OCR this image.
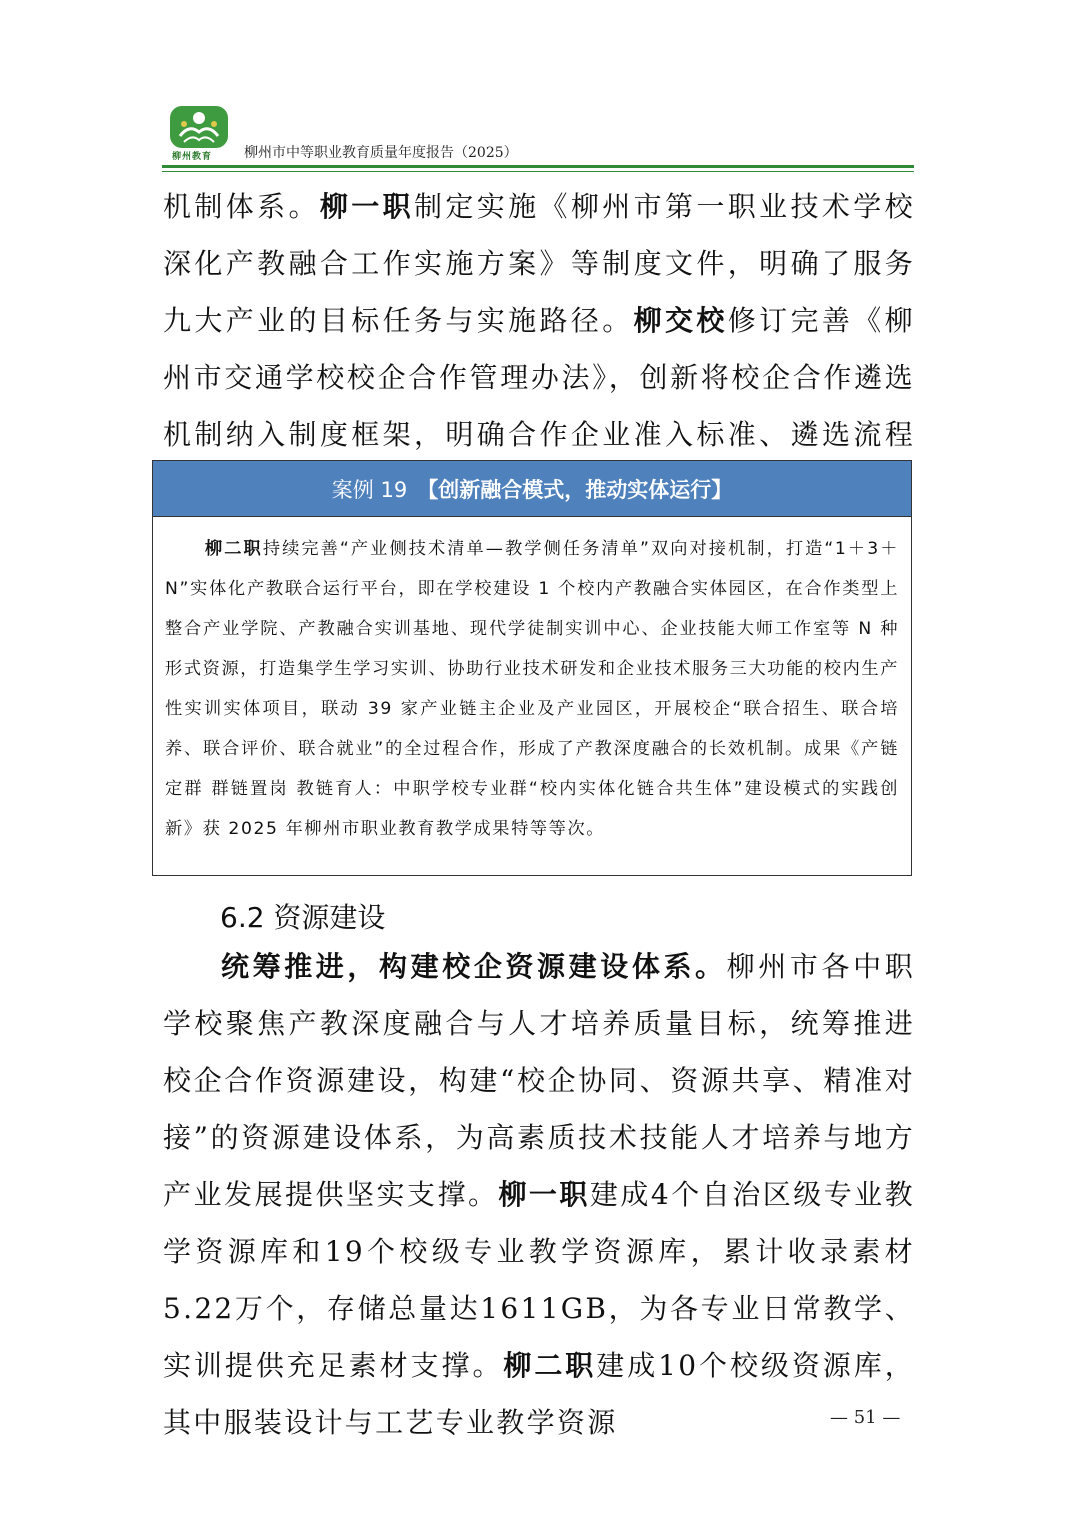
柳州教育 柳州市中等职业教育质量年度报告（2025）

机制体系。柳一职制定实施《柳州市第一职业技术学校深化产教融合工作实施方案》等制度文件，明确了服务九大产业的目标任务与实施路径。柳交校修订完善《柳州市交通学校校企合作管理办法》，创新将校企合作遴选机制纳入制度框架，明确合作企业准入标准、遴选流程

案例 19 【创新融合模式，推动实体运行】

柳二职持续完善“产业侧技术清单—教学侧任务清单”双向对接机制，打造“1＋3＋N”实体化产教联合运行平台，即在学校建设 1 个校内产教融合实体园区，在合作类型上整合产业学院、产教融合实训基地、现代学徒制实训中心、企业技能大师工作室等 N 种形式资源，打造集学生学习实训、协助行业技术研发和企业技术服务三大功能的校内生产性实训实体项目，联动 39 家产业链主企业及产业园区，开展校企“联合招生、联合培养、联合评价、联合就业”的全过程合作，形成了产教深度融合的长效机制。成果《产链定群 群链置岗 教链育人：中职学校专业群“校内实体化链合共生体”建设模式的实践创新》获 2025 年柳州市职业教育教学成果特等等次。

6.2 资源建设

统筹推进，构建校企资源建设体系。柳州市各中职学校聚焦产教深度融合与人才培养质量目标，统筹推进校企合作资源建设，构建“校企协同、资源共享、精准对接”的资源建设体系，为高素质技术技能人才培养与地方产业发展提供坚实支撑。柳一职建成4个自治区级专业教学资源库和19个校级专业教学资源库，累计收录素材5.22万个，存储总量达1611GB，为各专业日常教学、实训提供充足素材支撑。柳二职建成10个校级资源库，其中服装设计与工艺专业教学资源	— 51 —
